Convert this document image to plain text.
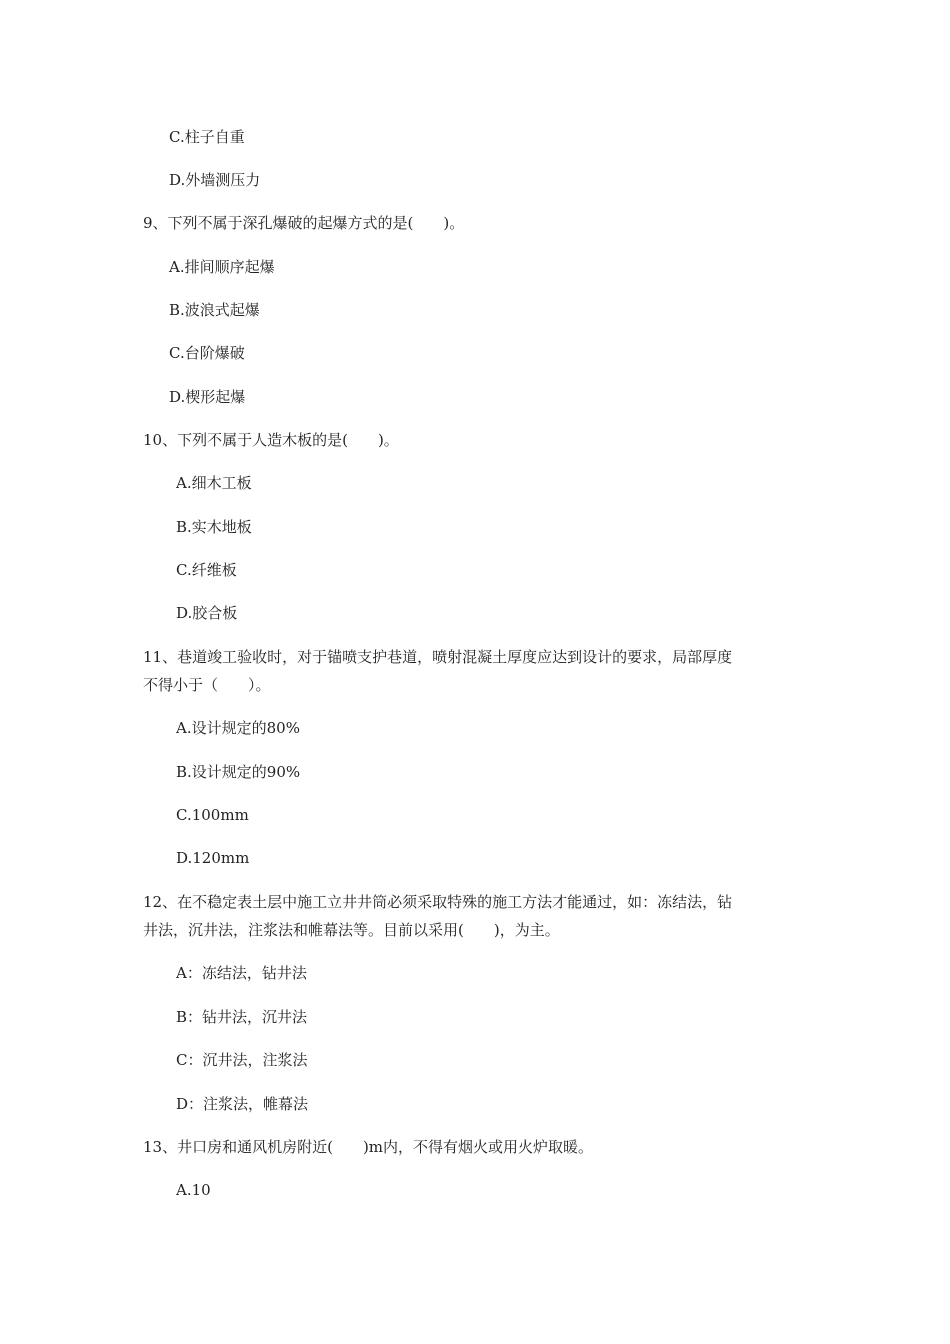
C.柱子自重
D.外墙测压力
9、下列不属于深孔爆破的起爆方式的是(　　)。
A.排间顺序起爆
B.波浪式起爆
C.台阶爆破
D.楔形起爆
10、下列不属于人造木板的是(　　)。
A.细木工板
B.实木地板
C.纤维板
D.胶合板
11、巷道竣工验收时，对于锚喷支护巷道，喷射混凝土厚度应达到设计的要求，局部厚度
不得小于（　　）。
A.设计规定的80%
B.设计规定的90%
C.100mm
D.120mm
12、在不稳定表土层中施工立井井筒必须采取特殊的施工方法才能通过，如：冻结法，钻
井法，沉井法，注浆法和帷幕法等。目前以采用(　　)，为主。
A：冻结法，钻井法
B：钻井法，沉井法
C：沉井法，注浆法
D：注浆法，帷幕法
13、井口房和通风机房附近(　　)m内，不得有烟火或用火炉取暖。
A.10
